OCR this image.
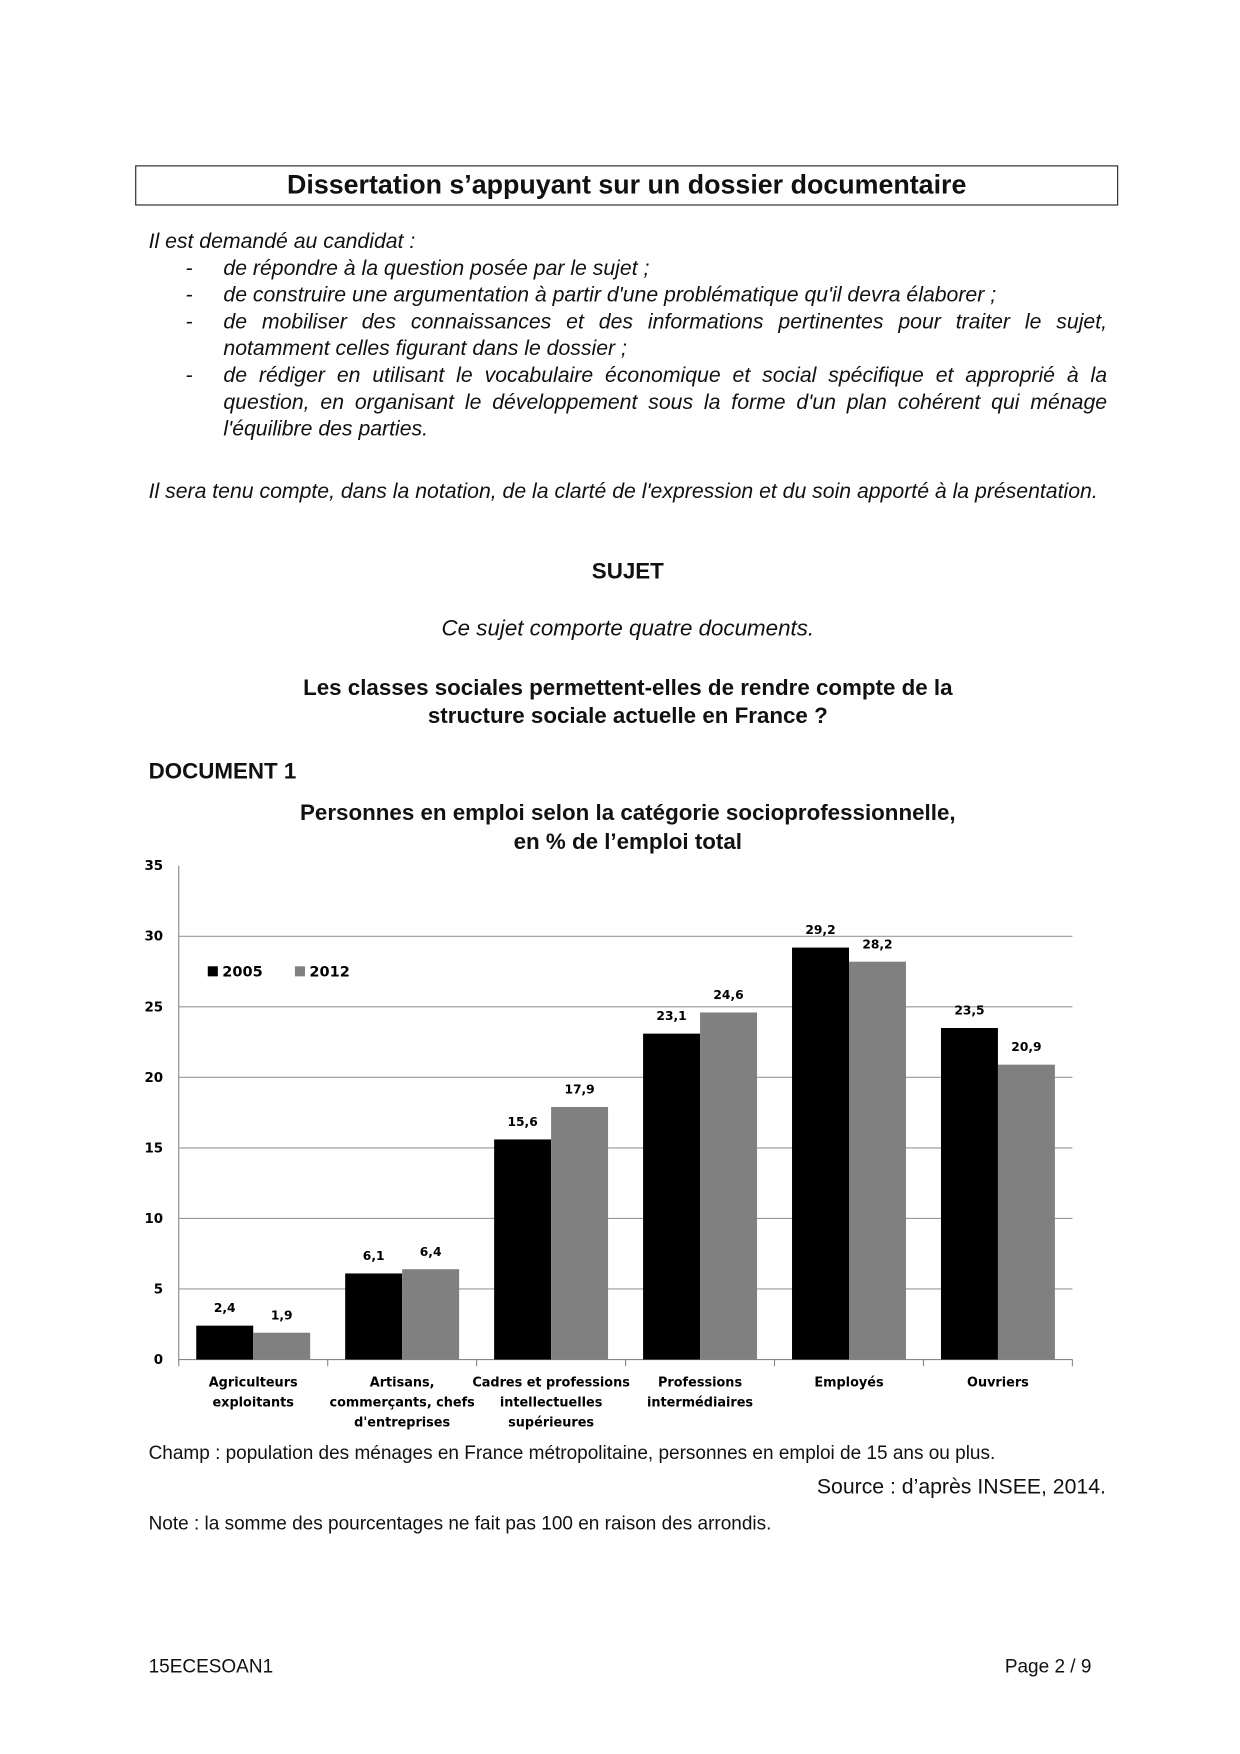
Dissertation s’appuyant sur un dossier documentaire
Il est demandé au candidat :
- de répondre à la question posée par le sujet ;
- de construire une argumentation à partir d'une problématique qu'il devra élaborer ;
- de mobiliser des connaissances et des informations pertinentes pour traiter le sujet, notamment celles figurant dans le dossier ;
- de rédiger en utilisant le vocabulaire économique et social spécifique et approprié à la question, en organisant le développement sous la forme d'un plan cohérent qui ménage l'équilibre des parties.
Il sera tenu compte, dans la notation, de la clarté de l'expression et du soin apporté à la présentation.
SUJET
Ce sujet comporte quatre documents.
Les classes sociales permettent-elles de rendre compte de la
structure sociale actuelle en France ?
DOCUMENT 1
Personnes en emploi selon la catégorie socioprofessionnelle,
en % de l’emploi total
0
5
10
15
20
25
30
35
2,4
1,9
Agriculteurs
exploitants
6,1	6,4
Artisans,
commerçants, chefs
d'entreprises
15,6
17,9
Cadres et professions
intellectuelles
supérieures
23,1
24,6
Professions
intermédiaires
29,2
28,2
Employés
23,5
20,9
Ouvriers
2005	2012
Champ : population des ménages en France métropolitaine, personnes en emploi de 15 ans ou plus.
Source : d’après INSEE, 2014.
Note : la somme des pourcentages ne fait pas 100 en raison des arrondis.
15ECESOAN1	Page 2 / 9
